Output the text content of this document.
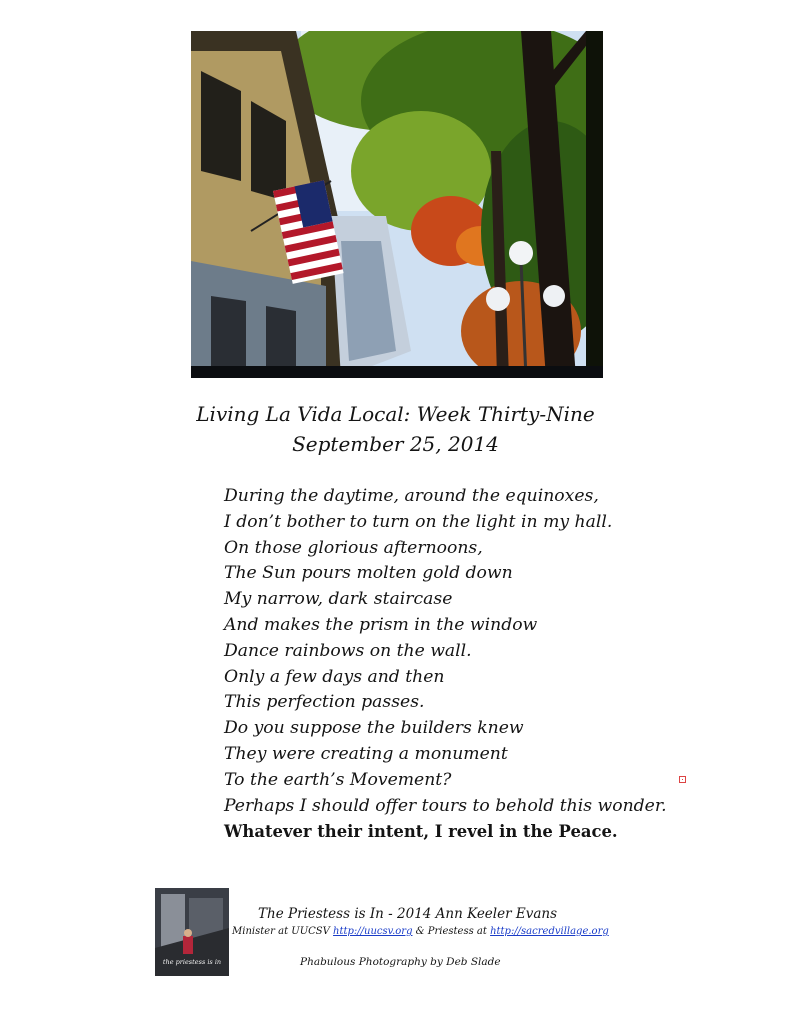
Living La Vida Local: Week Thirty-Nine
September 25, 2014
During the daytime, around the equinoxes,
I don’t bother to turn on the light in my hall.
On those glorious afternoons,
The Sun pours molten gold down
My narrow, dark staircase
And makes the prism in the window
Dance rainbows on the wall.
Only a few days and then
This perfection passes.
Do you suppose the builders knew
They were creating a monument
To the earth’s Movement?
Perhaps I should offer tours to behold this wonder.
Whatever their intent, I revel in the Peace.
the priestess is in
The Priestess is In - 2014 Ann Keeler Evans
Minister at UUCSV http://uucsv.org & Priestess at http://sacredvillage.org
Phabulous Photography by Deb Slade
